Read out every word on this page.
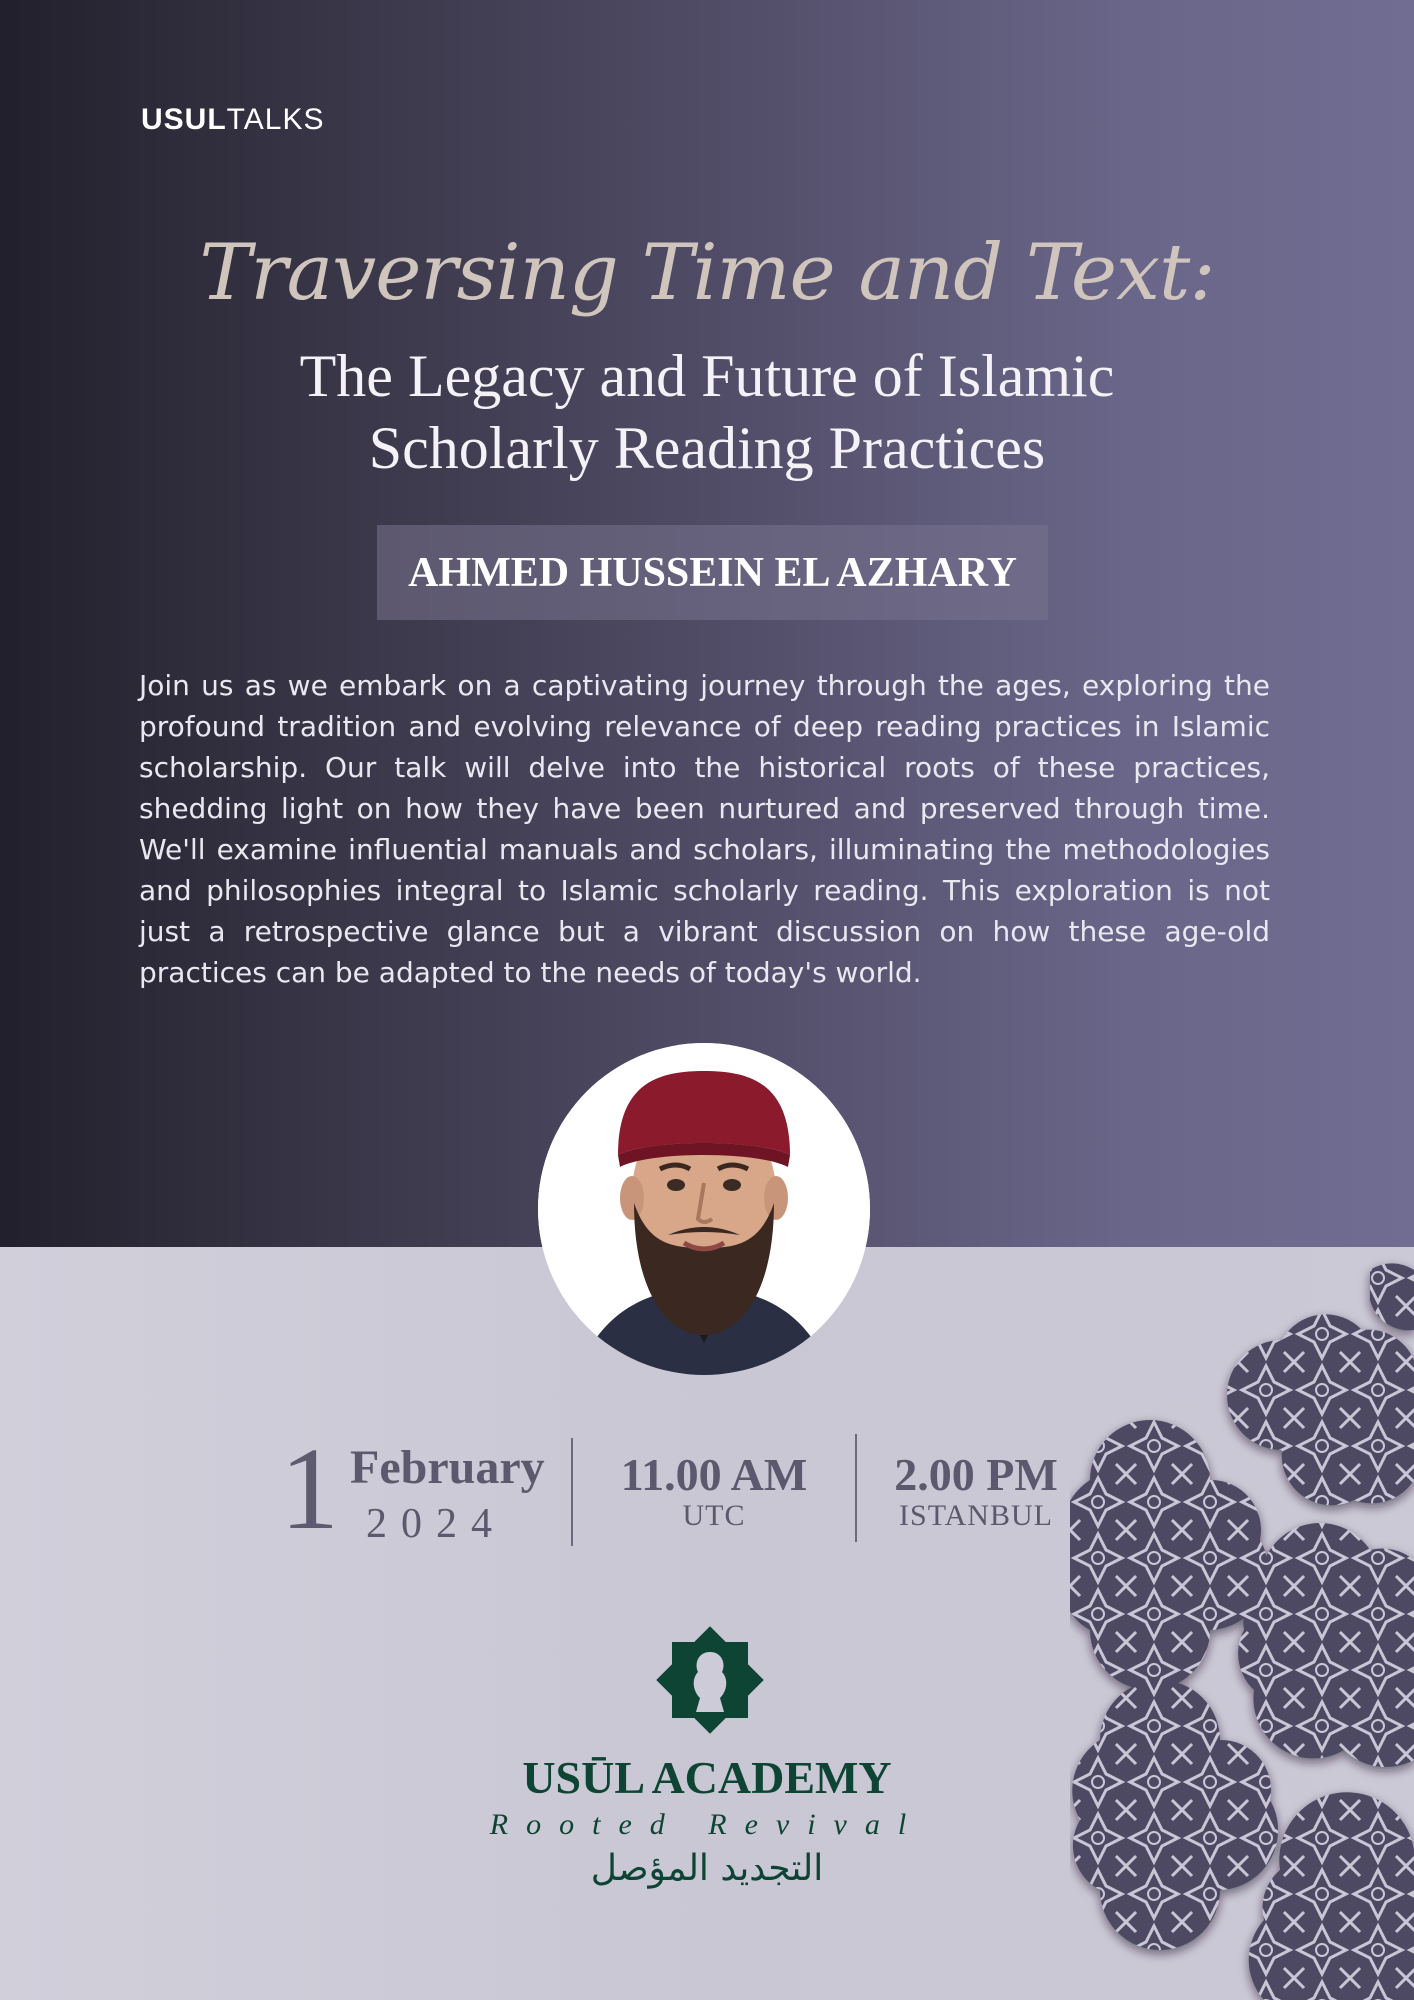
USULTALKS
Traversing Time and Text:
The Legacy and Future of Islamic
Scholarly Reading Practices
AHMED HUSSEIN EL AZHARY

Join us as we embark on a captivating journey through the ages, exploring the profound tradition and evolving relevance of deep reading practices in Islamic scholarship. Our talk will delve into the historical roots of these practices, shedding light on how they have been nurtured and preserved through time. We'll examine influential manuals and scholars, illuminating the methodologies and philosophies integral to Islamic scholarly reading. This exploration is not just a retrospective glance but a vibrant discussion on how these age-old practices can be adapted to the needs of today's world.

1 February
2024
11.00 AM
UTC
2.00 PM
ISTANBUL
USŪL ACADEMY
Rooted Revival
التجديد المؤصل
